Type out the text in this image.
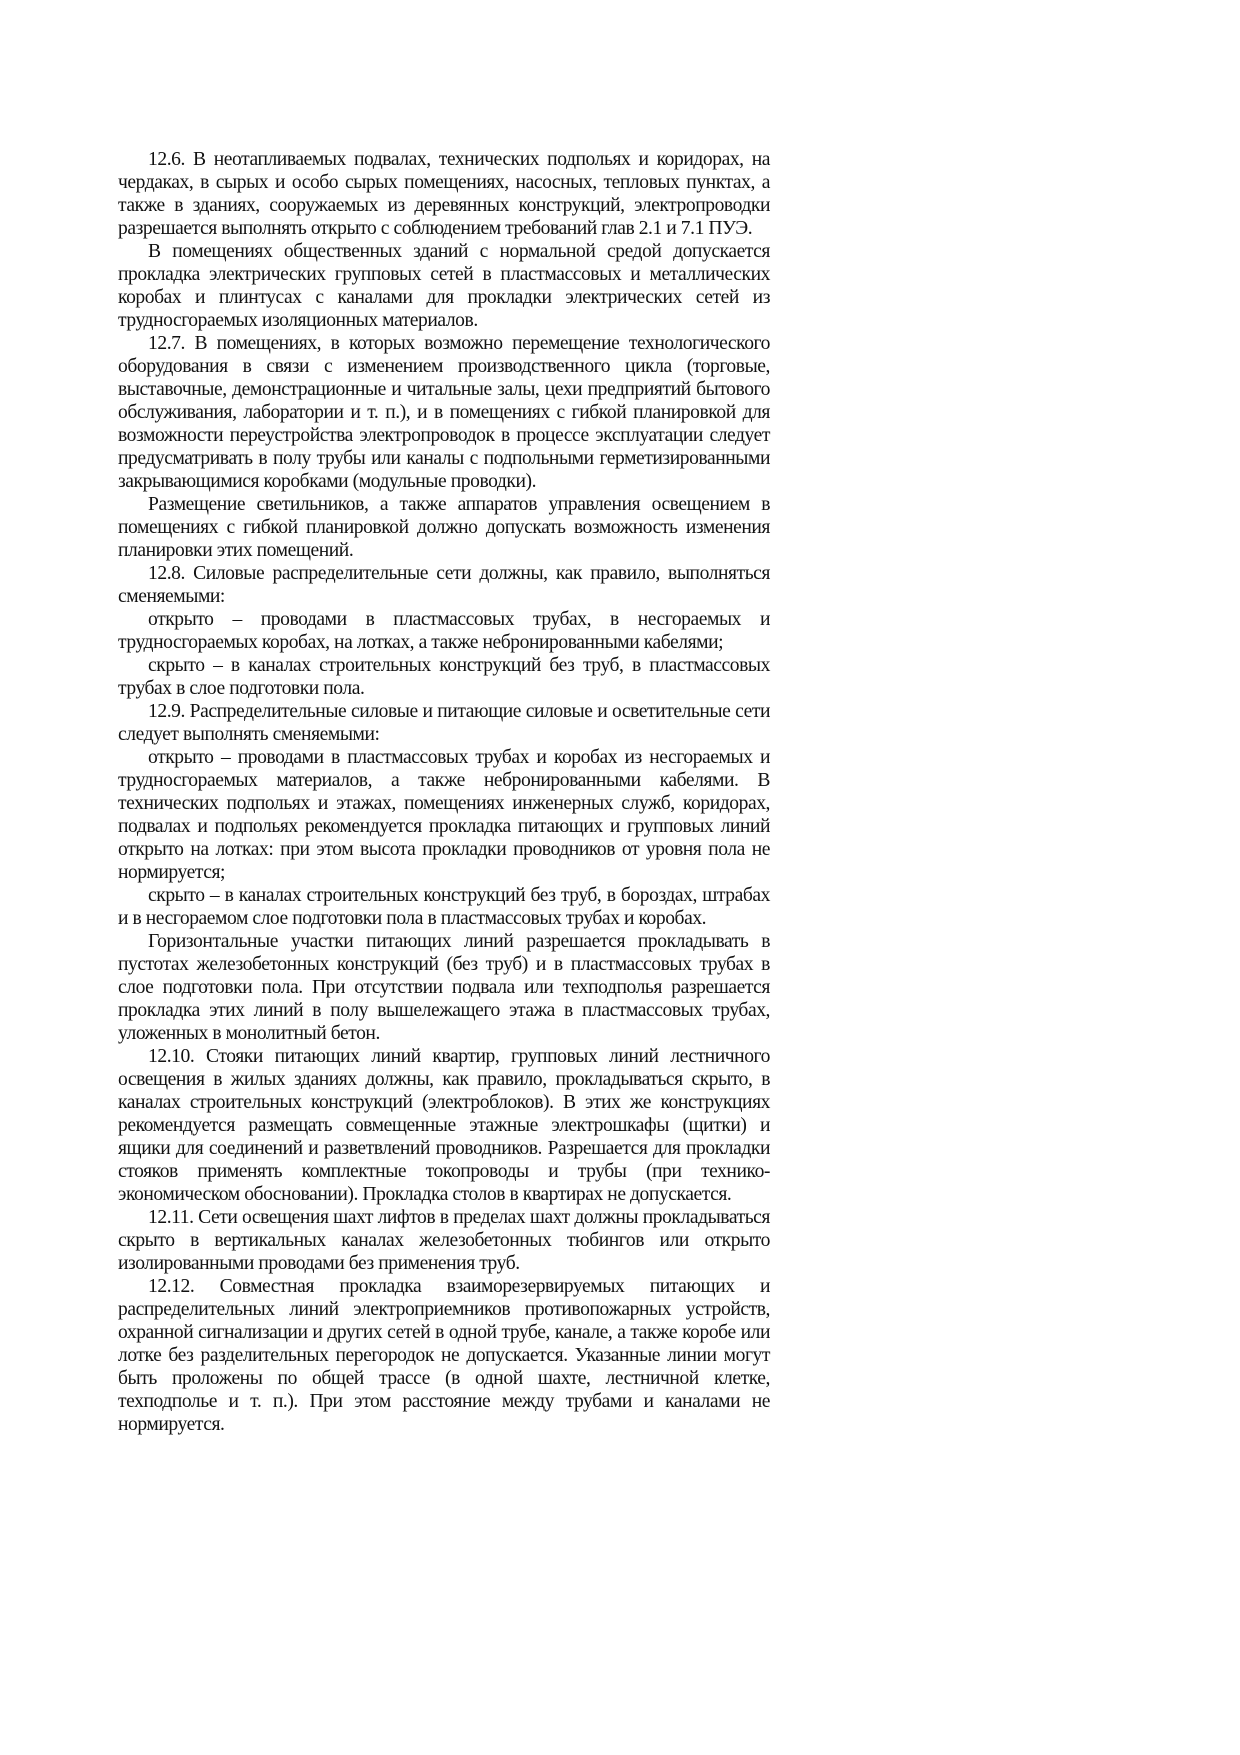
12.6. В неотапливаемых подвалах, технических подпольях и коридорах, на чердаках, в сырых и особо сырых помещениях, насосных, тепловых пунктах, а также в зданиях, сооружаемых из деревянных конструкций, электропроводки разрешается выполнять открыто с соблюдением требований глав 2.1 и 7.1 ПУЭ.

В помещениях общественных зданий с нормальной средой допускается прокладка электрических групповых сетей в пластмассовых и металлических коробах и плинтусах с каналами для прокладки электрических сетей из трудносгораемых изоляционных материалов.

12.7. В помещениях, в которых возможно перемещение технологического оборудования в связи с изменением производственного цикла (торговые, выставочные, демонстрационные и читальные залы, цехи предприятий бытового обслуживания, лаборатории и т. п.), и в помещениях с гибкой планировкой для возможности переустройства электропроводок в процессе эксплуатации следует предусматривать в полу трубы или каналы с подпольными герметизированными закрывающимися коробками (модульные проводки).

Размещение светильников, а также аппаратов управления освещением в помещениях с гибкой планировкой должно допускать возможность изменения планировки этих помещений.

12.8. Силовые распределительные сети должны, как правило, выполняться сменяемыми:

открыто – проводами в пластмассовых трубах, в несгораемых и трудносгораемых коробах, на лотках, а также небронированными кабелями;

скрыто – в каналах строительных конструкций без труб, в пластмассовых трубах в слое подготовки пола.

12.9. Распределительные силовые и питающие силовые и осветительные сети следует выполнять сменяемыми:

открыто – проводами в пластмассовых трубах и коробах из несгораемых и трудносгораемых материалов, а также небронированными кабелями. В технических подпольях и этажах, помещениях инженерных служб, коридорах, подвалах и подпольях рекомендуется прокладка питающих и групповых линий открыто на лотках: при этом высота прокладки проводников от уровня пола не нормируется;

скрыто – в каналах строительных конструкций без труб, в бороздах, штрабах и в несгораемом слое подготовки пола в пластмассовых трубах и коробах.

Горизонтальные участки питающих линий разрешается прокладывать в пустотах железобетонных конструкций (без труб) и в пластмассовых трубах в слое подготовки пола. При отсутствии подвала или техподполья разрешается прокладка этих линий в полу вышележащего этажа в пластмассовых трубах, уложенных в монолитный бетон.

12.10. Стояки питающих линий квартир, групповых линий лестничного освещения в жилых зданиях должны, как правило, прокладываться скрыто, в каналах строительных конструкций (электроблоков). В этих же конструкциях рекомендуется размещать совмещенные этажные электрошкафы (щитки) и ящики для соединений и разветвлений проводников. Разрешается для прокладки стояков применять комплектные токопроводы и трубы (при технико-экономическом обосновании). Прокладка столов в квартирах не допускается.

12.11. Сети освещения шахт лифтов в пределах шахт должны прокладываться скрыто в вертикальных каналах железобетонных тюбингов или открыто изолированными проводами без применения труб.

12.12. Совместная прокладка взаиморезервируемых питающих и распределительных линий электроприемников противопожарных устройств, охранной сигнализации и других сетей в одной трубе, канале, а также коробе или лотке без разделительных перегородок не допускается. Указанные линии могут быть проложены по общей трассе (в одной шахте, лестничной клетке, техподполье и т. п.). При этом расстояние между трубами и каналами не нормируется.
